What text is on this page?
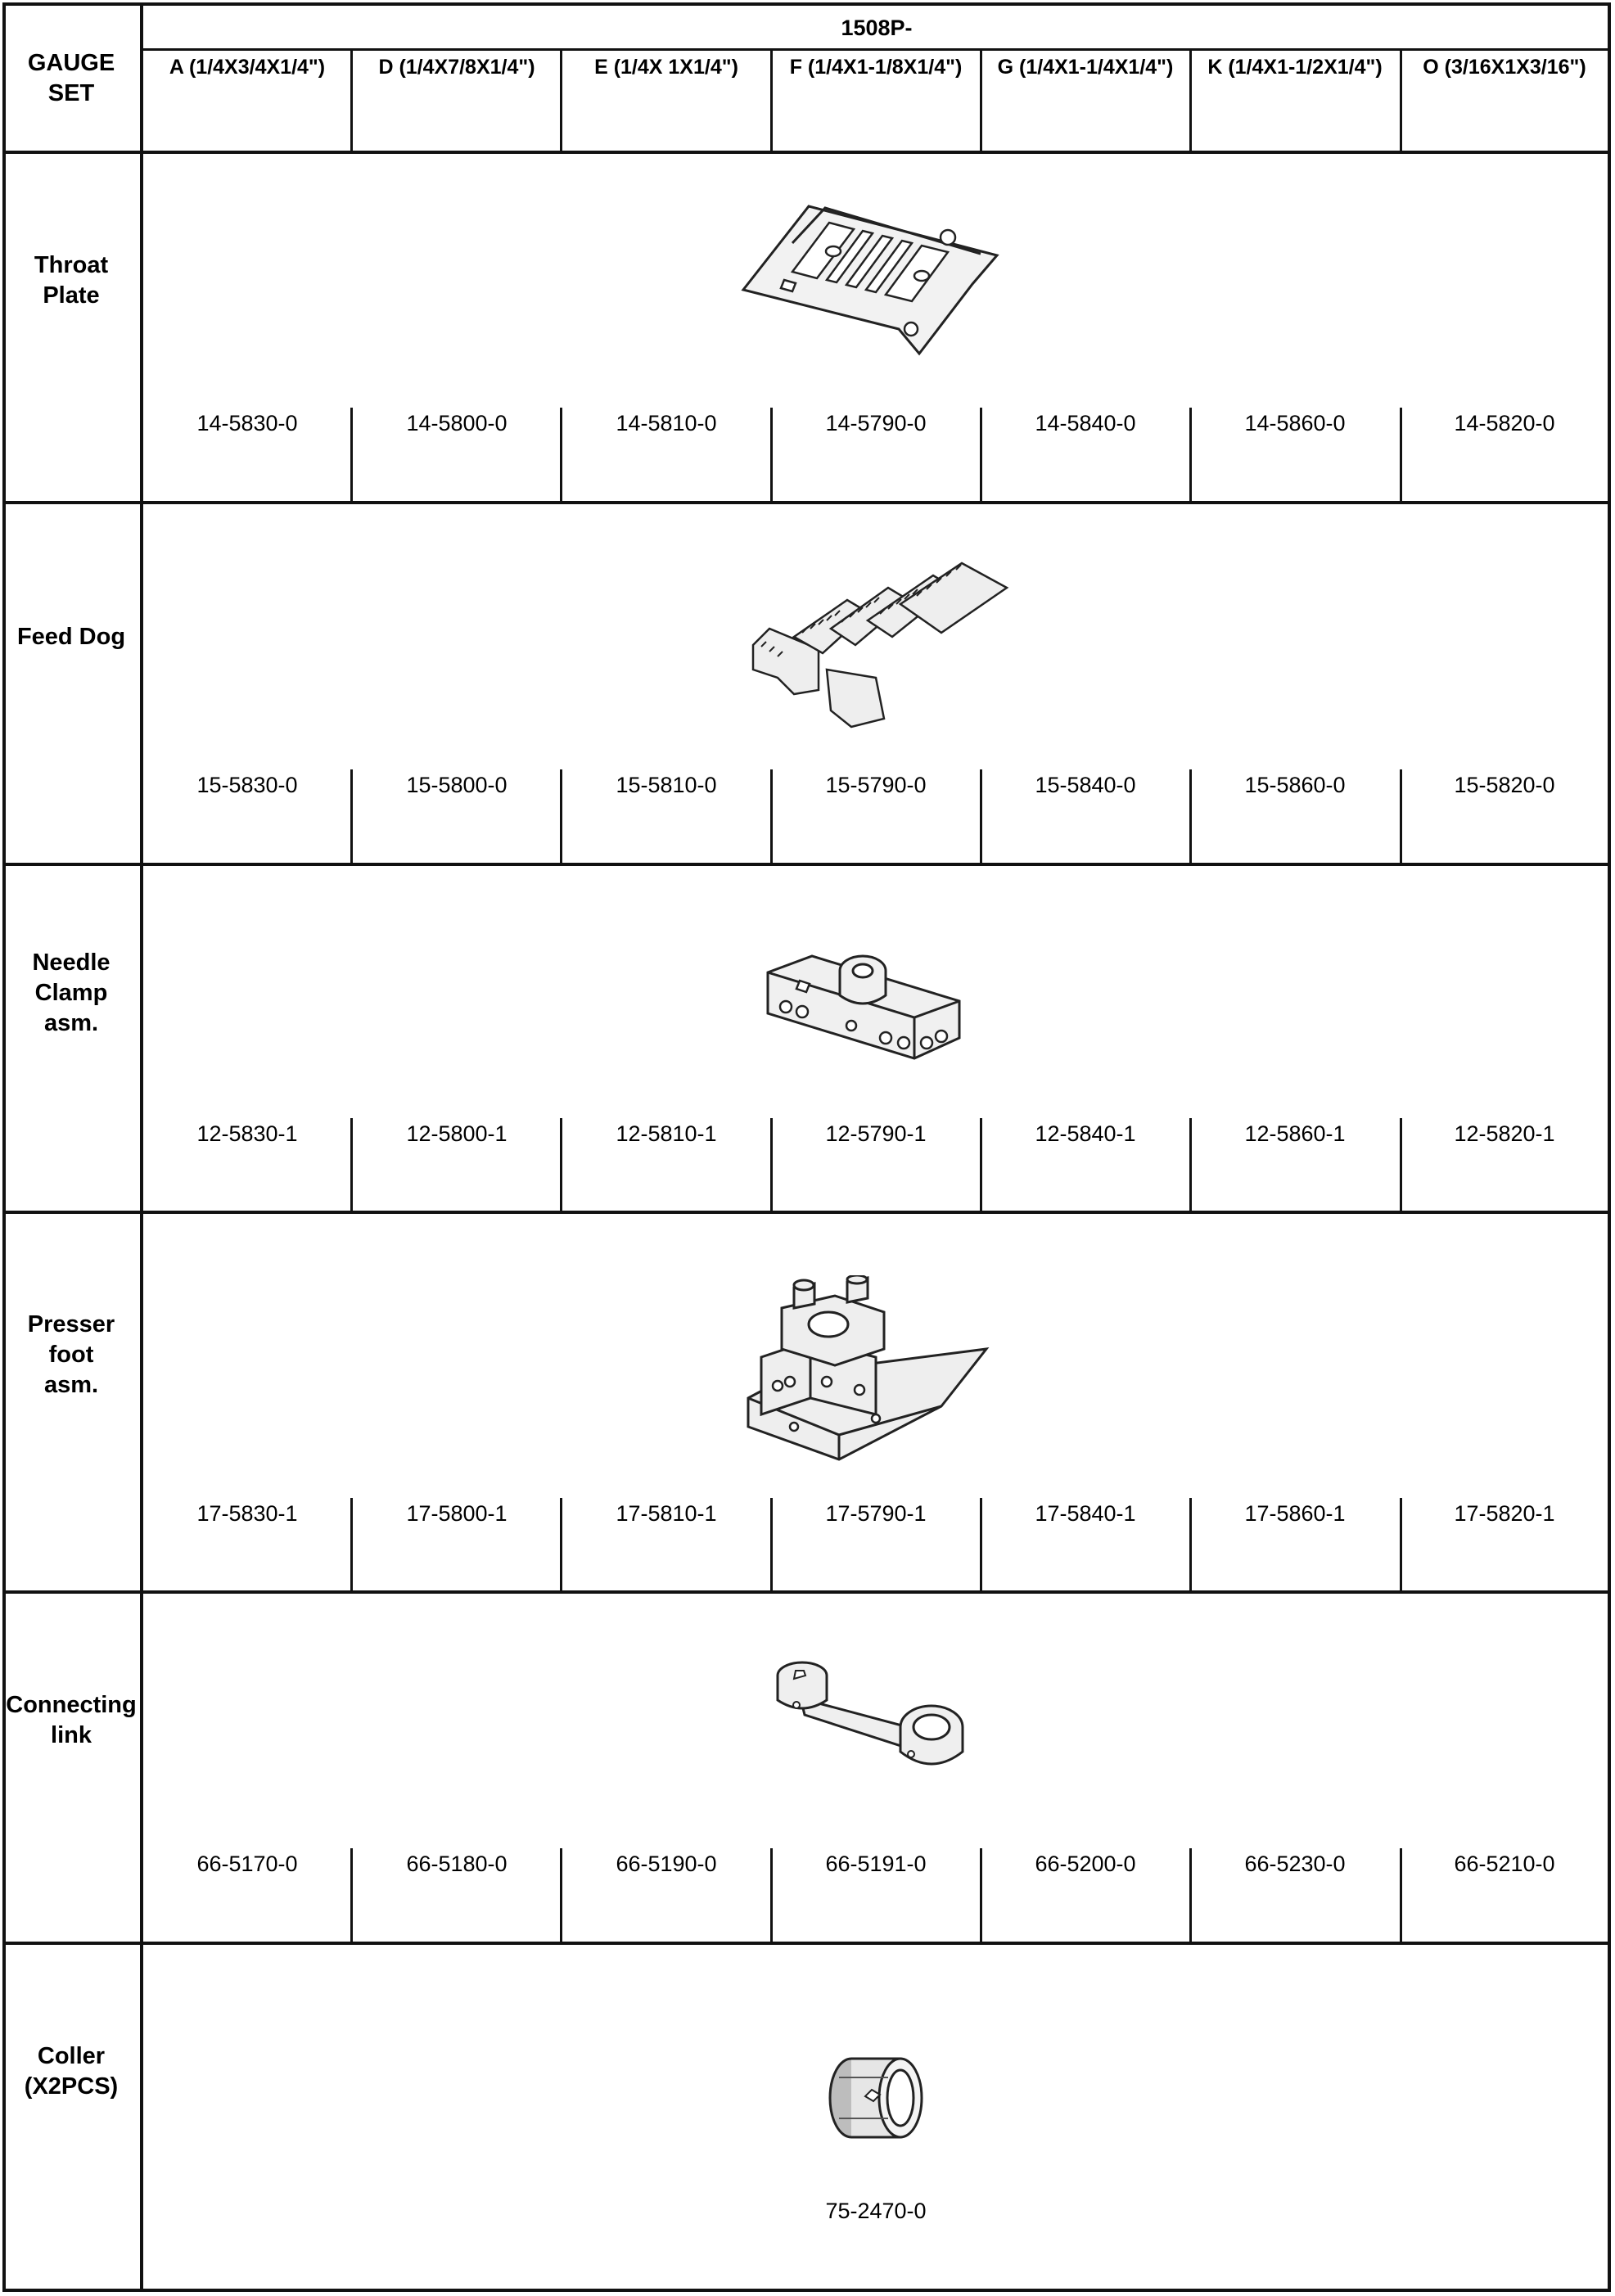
GAUGE
SET
1508P-
A (1/4X3/4X1/4")	D (1/4X7/8X1/4")	E (1/4X 1X1/4")	F (1/4X1-1/8X1/4")	G (1/4X1-1/4X1/4")	K (1/4X1-1/2X1/4")	O (3/16X1X3/16")
Throat
Plate
14-5830-0	14-5800-0	14-5810-0	14-5790-0	14-5840-0	14-5860-0	14-5820-0
Feed Dog
15-5830-0	15-5800-0	15-5810-0	15-5790-0	15-5840-0	15-5860-0	15-5820-0
Needle
Clamp
asm.
12-5830-1	12-5800-1	12-5810-1	12-5790-1	12-5840-1	12-5860-1	12-5820-1
Presser
foot
asm.
17-5830-1	17-5800-1	17-5810-1	17-5790-1	17-5840-1	17-5860-1	17-5820-1
Connecting
link
66-5170-0	66-5180-0	66-5190-0	66-5191-0	66-5200-0	66-5230-0	66-5210-0
Coller
(X2PCS)
75-2470-0
